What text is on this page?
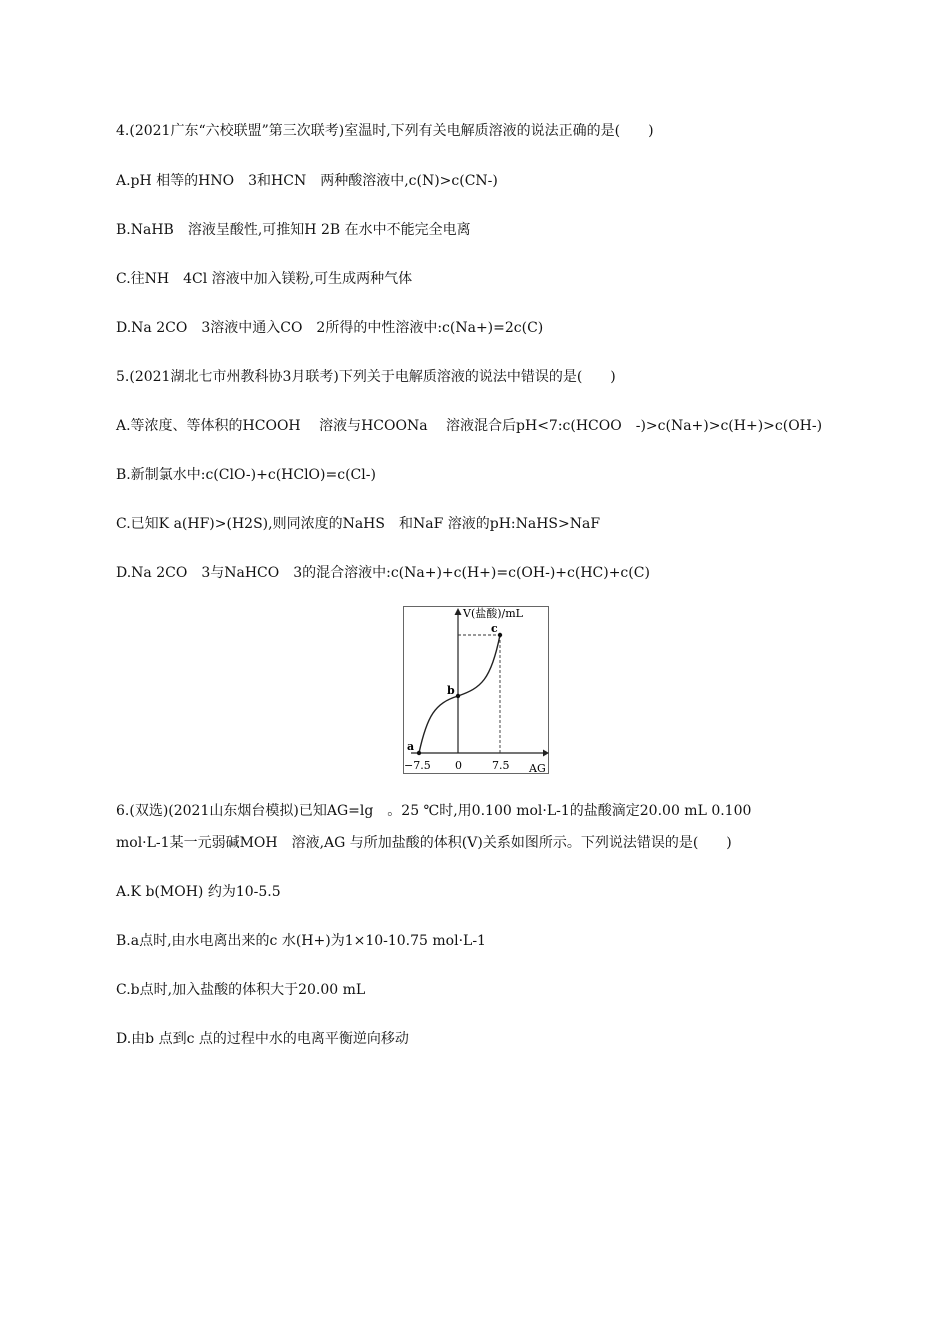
4.(2021广东“六校联盟”第三次联考)室温时,下列有关电解质溶液的说法正确的是(　　)
A.pH 相等的HNO　3和HCN　两种酸溶液中,c(N)>c(CN-)
B.NaHB　溶液呈酸性,可推知H 2B 在水中不能完全电离
C.往NH　4Cl 溶液中加入镁粉,可生成两种气体
D.Na 2CO　3溶液中通入CO　2所得的中性溶液中:c(Na+)=2c(C)
5.(2021湖北七市州教科协3月联考)下列关于电解质溶液的说法中错误的是(　　)
A.等浓度、等体积的HCOOH　 溶液与HCOONa　 溶液混合后pH<7:c(HCOO　-)>c(Na+)>c(H+)>c(OH-)
B.新制氯水中:c(ClO-)+c(HClO)=c(Cl-)
C.已知K a(HF)>(H2S),则同浓度的NaHS　和NaF 溶液的pH:NaHS>NaF
D.Na 2CO　3与NaHCO　3的混合溶液中:c(Na+)+c(H+)=c(OH-)+c(HC)+c(C)
V(盐酸)/mL
a
b
c
−7.5 0	7.5 AG
6.(双选)(2021山东烟台模拟)已知AG=lg　。25 ℃时,用0.100 mol·L-1的盐酸滴定20.00 mL 0.100
mol·L-1某一元弱碱MOH　溶液,AG 与所加盐酸的体积(V)关系如图所示。下列说法错误的是(　　)
A.K b(MOH) 约为10-5.5
B.a点时,由水电离出来的c 水(H+)为1×10-10.75 mol·L-1
C.b点时,加入盐酸的体积大于20.00 mL
D.由b 点到c 点的过程中水的电离平衡逆向移动
